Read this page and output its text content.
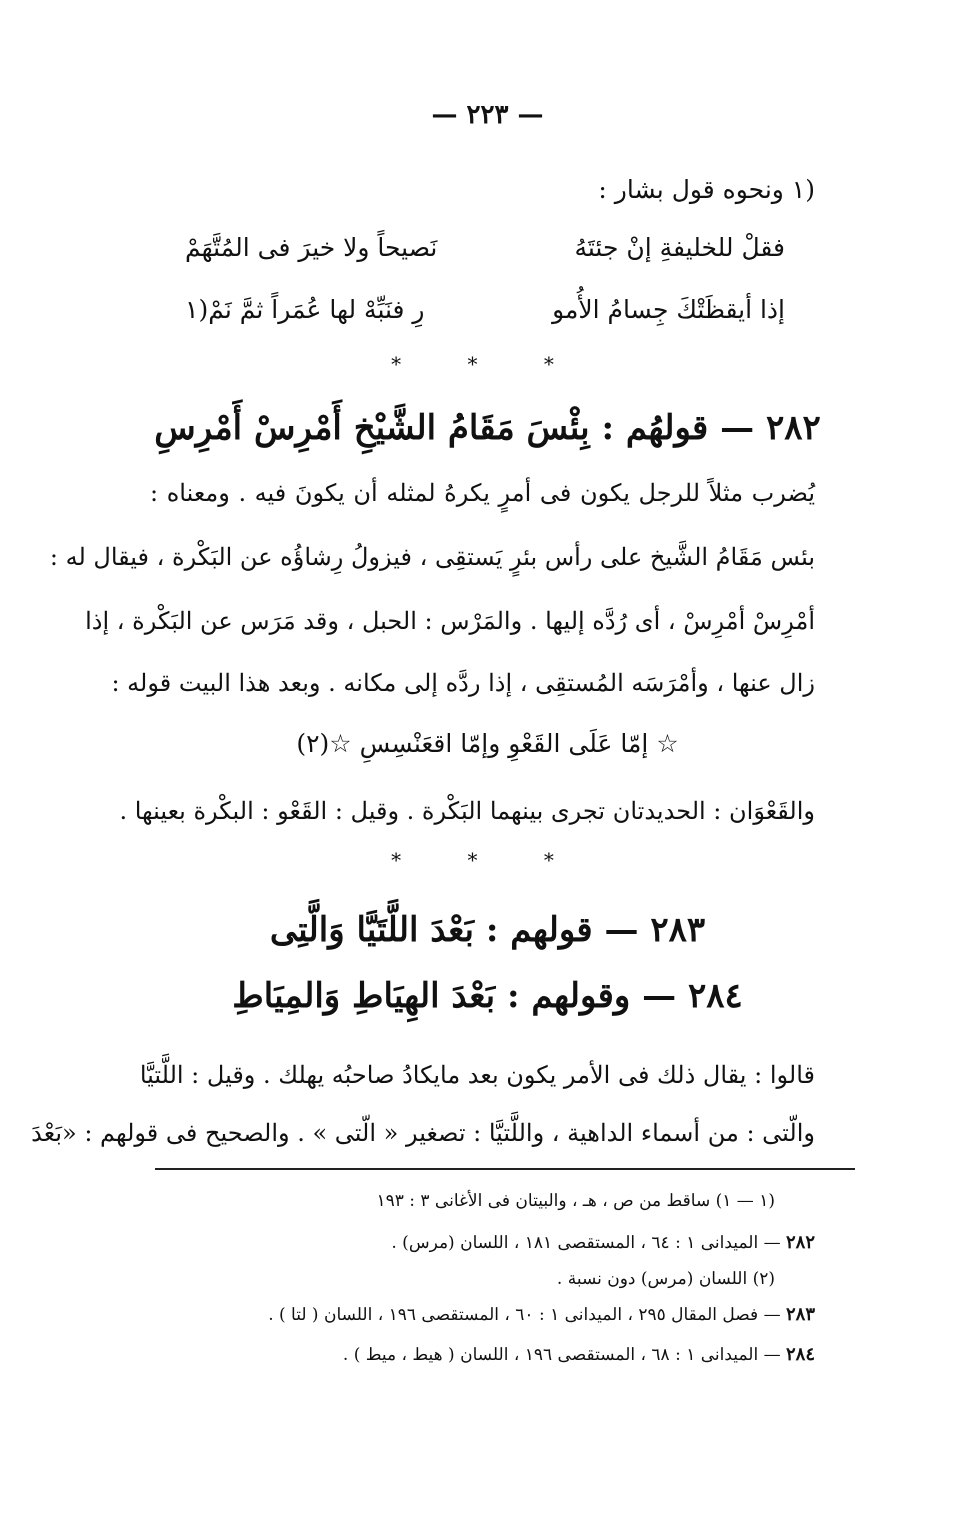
— ٢٢٣ —
(١ ونحوه قول بشار :
فقلْ للخليفةِ إنْ جئتَهُ
نَصيحاً ولا خيرَ فى المُتَّهَمْ
إذا أيقظَتْكَ جِسامُ الأُمو
رِ فنَبِّهْ لها عُمَراً ثمَّ نَمْ(١
* * *
٢٨٢ — قولهُم : بِئْسَ مَقَامُ الشَّيْخِ أَمْرِسْ أَمْرِسِ
يُضرب مثلاً للرجل يكون فى أمرٍ يكرهُ لمثله أن يكونَ فيه . ومعناه :
بئس مَقَامُ الشَّيخ على رأس بئرٍ يَستقِى ، فيزولُ رِشاؤُه عن البَكْرة ، فيقال له :
أمْرِسْ أمْرِسْ ، أى رُدَّه إليها . والمَرْس : الحبل ، وقد مَرَس عن البَكْرة ، إذا
زال عنها ، وأمْرَسَه المُستقِى ، إذا ردَّه إلى مكانه . وبعد هذا البيت قوله :
☆ إمّا عَلَى القَعْوِ وإمّا اقعَنْسِسِ ☆(٢)
والقَعْوَان : الحديدتان تجرى بينهما البَكْرة . وقيل : القَعْو : البكْرة بعينها .
* * *
٢٨٣ — قولهم : بَعْدَ اللَّتَيَّا وَالَّتِى
٢٨٤ — وقولهم : بَعْدَ الهِيَاطِ وَالمِيَاطِ
قالوا : يقال ذلك فى الأمر يكون بعد مايكادُ صاحبُه يهلك . وقيل : اللَّتيَّا
والّتى : من أسماء الداهية ، واللَّتيَّا : تصغير « الّتى » . والصحيح فى قولهم : «بَعْدَ
(١ — ١) ساقط من ص ، هـ ، والبيتان فى الأغانى ٣ : ١٩٣
٢٨٢ — الميدانى ١ : ٦٤ ، المستقصى ١٨١ ، اللسان (مرس) .
(٢) اللسان (مرس) دون نسبة .
٢٨٣ — فصل المقال ٢٩٥ ، الميدانى ١ : ٦٠ ، المستقصى ١٩٦ ، اللسان ( لتا ) .
٢٨٤ — الميدانى ١ : ٦٨ ، المستقصى ١٩٦ ، اللسان ( هيط ، ميط ) .
